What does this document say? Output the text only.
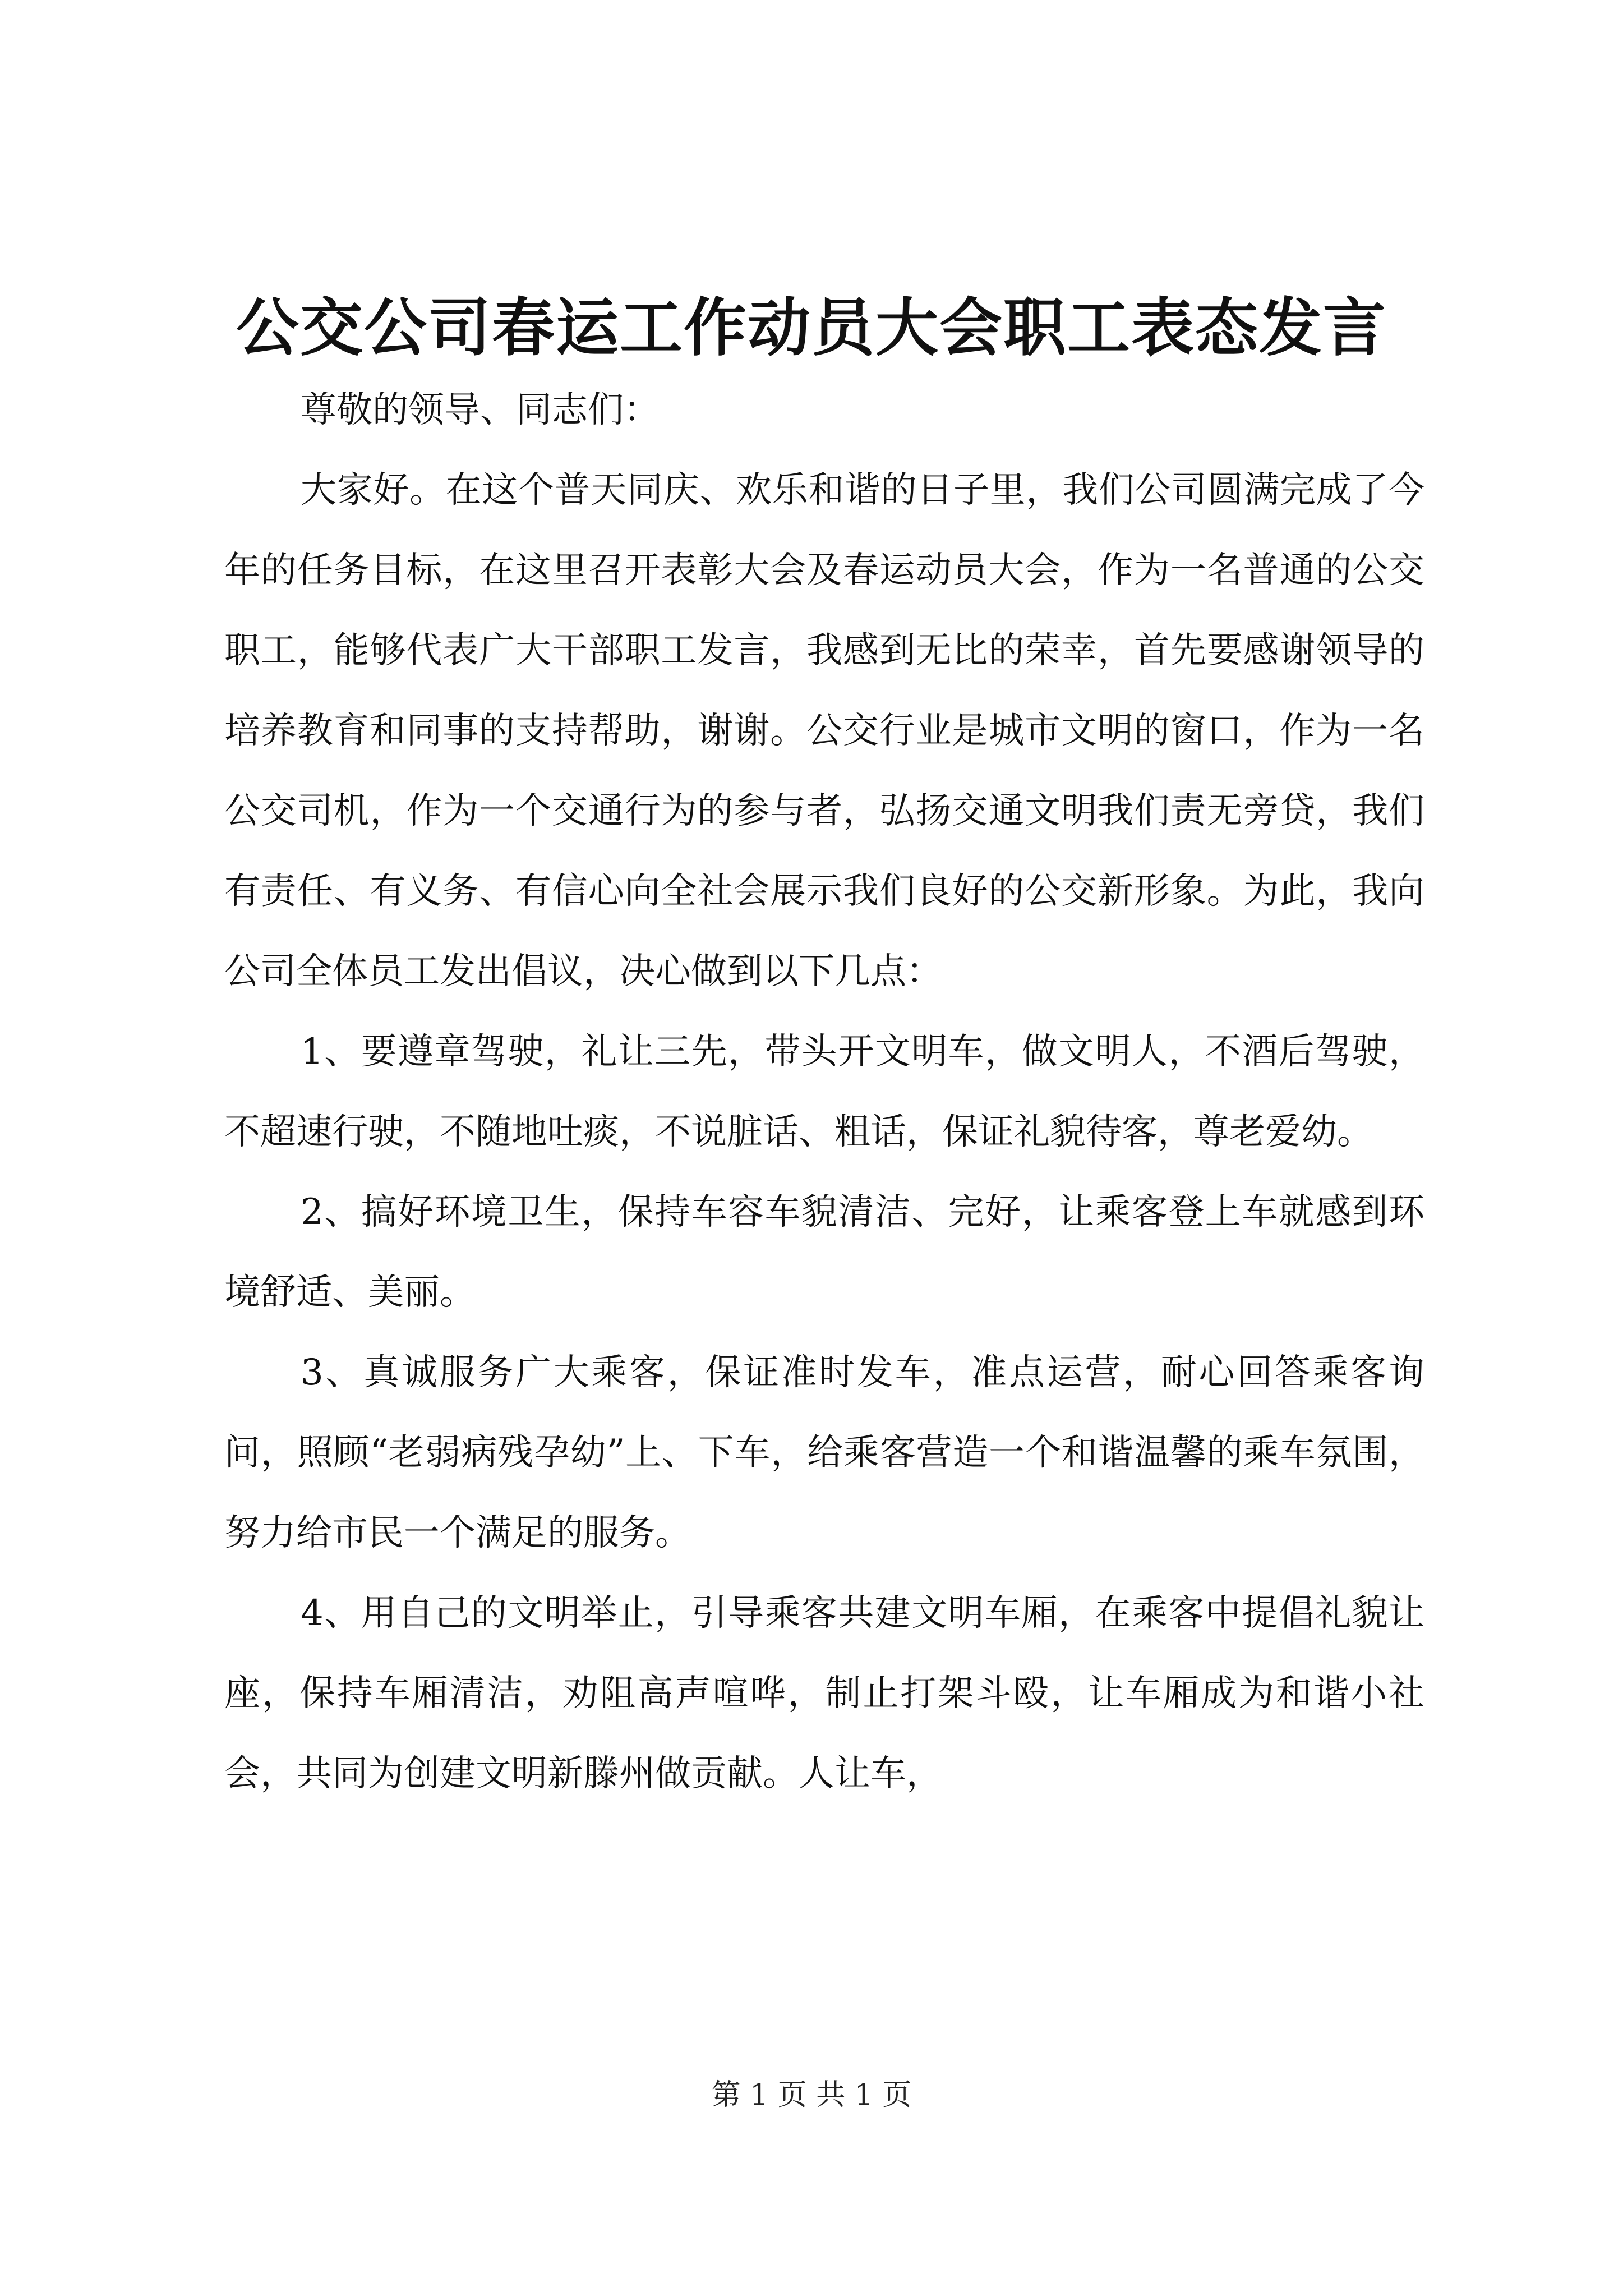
公交公司春运工作动员大会职工表态发言

尊敬的领导、同志们：

大家好。在这个普天同庆、欢乐和谐的日子里，我们公司圆满完成了今年的任务目标，在这里召开表彰大会及春运动员大会，作为一名普通的公交职工，能够代表广大干部职工发言，我感到无比的荣幸，首先要感谢领导的培养教育和同事的支持帮助，谢谢。公交行业是城市文明的窗口，作为一名公交司机，作为一个交通行为的参与者，弘扬交通文明我们责无旁贷，我们有责任、有义务、有信心向全社会展示我们良好的公交新形象。为此，我向公司全体员工发出倡议，决心做到以下几点：

1、要遵章驾驶，礼让三先，带头开文明车，做文明人，不酒后驾驶，不超速行驶，不随地吐痰，不说脏话、粗话，保证礼貌待客，尊老爱幼。

2、搞好环境卫生，保持车容车貌清洁、完好，让乘客登上车就感到环境舒适、美丽。

3、真诚服务广大乘客，保证准时发车，准点运营，耐心回答乘客询问，照顾“老弱病残孕幼”上、下车，给乘客营造一个和谐温馨的乘车氛围，努力给市民一个满足的服务。

4、用自己的文明举止，引导乘客共建文明车厢，在乘客中提倡礼貌让座，保持车厢清洁，劝阻高声喧哗，制止打架斗殴，让车厢成为和谐小社会，共同为创建文明新滕州做贡献。人让车，

第 1 页 共 1 页
